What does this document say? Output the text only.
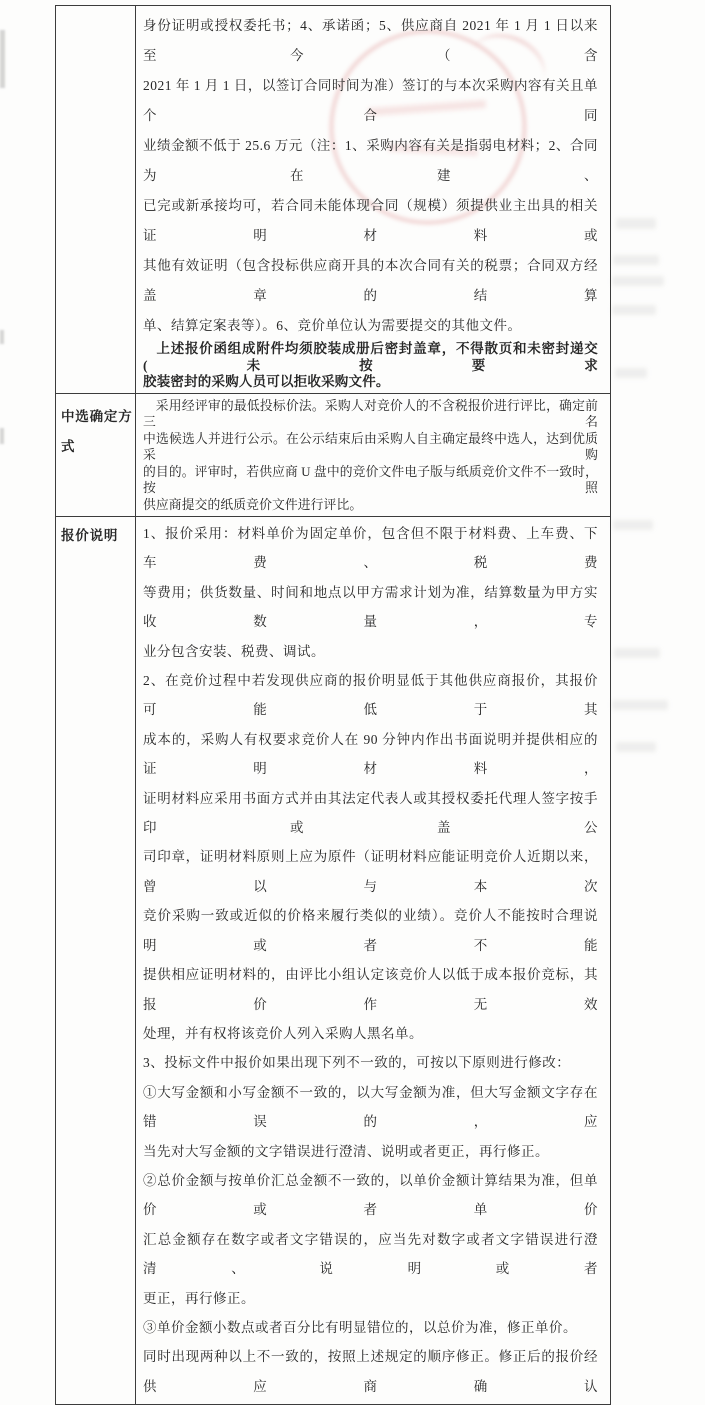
身份证明或授权委托书；4、承诺函；5、供应商自 2021 年 1 月 1 日以来至今（含
2021 年 1 月 1 日，以签订合同时间为准）签订的与本次采购内容有关且单个合同
业绩金额不低于 25.6 万元（注：1、采购内容有关是指弱电材料；2、合同为在建、
已完或新承接均可，若合同未能体现合同（规模）须提供业主出具的相关证明材料或
其他有效证明（包含投标供应商开具的本次合同有关的税票；合同双方经盖章的结算
单、结算定案表等）。6、竞价单位认为需要提交的其他文件。
上述报价函组成附件均须胶装成册后密封盖章，不得散页和未密封递交(未按要求
胶装密封的采购人员可以拒收采购文件。
中选确定方式
采用经评审的最低投标价法。采购人对竞价人的不含税报价进行评比，确定前三名
中选候选人并进行公示。在公示结束后由采购人自主确定最终中选人，达到优质采购
的目的。评审时，若供应商 U 盘中的竞价文件电子版与纸质竞价文件不一致时，按照
供应商提交的纸质竞价文件进行评比。
报价说明	1、报价采用：材料单价为固定单价，包含但不限于材料费、上车费、下车费、税费
等费用；供货数量、时间和地点以甲方需求计划为准，结算数量为甲方实收数量，专
业分包含安装、税费、调试。
2、在竞价过程中若发现供应商的报价明显低于其他供应商报价，其报价可能低于其
成本的，采购人有权要求竞价人在 90 分钟内作出书面说明并提供相应的证明材料，
证明材料应采用书面方式并由其法定代表人或其授权委托代理人签字按手印或盖公
司印章，证明材料原则上应为原件（证明材料应能证明竞价人近期以来，曾以与本次
竞价采购一致或近似的价格来履行类似的业绩）。竞价人不能按时合理说明或者不能
提供相应证明材料的，由评比小组认定该竞价人以低于成本报价竞标，其报价作无效
处理，并有权将该竞价人列入采购人黑名单。
3、投标文件中报价如果出现下列不一致的，可按以下原则进行修改：
①大写金额和小写金额不一致的，以大写金额为准，但大写金额文字存在错误的，应
当先对大写金额的文字错误进行澄清、说明或者更正，再行修正。
②总价金额与按单价汇总金额不一致的，以单价金额计算结果为准，但单价或者单价
汇总金额存在数字或者文字错误的，应当先对数字或者文字错误进行澄清、说明或者
更正，再行修正。
③单价金额小数点或者百分比有明显错位的，以总价为准，修正单价。
同时出现两种以上不一致的，按照上述规定的顺序修正。修正后的报价经供应商确认
